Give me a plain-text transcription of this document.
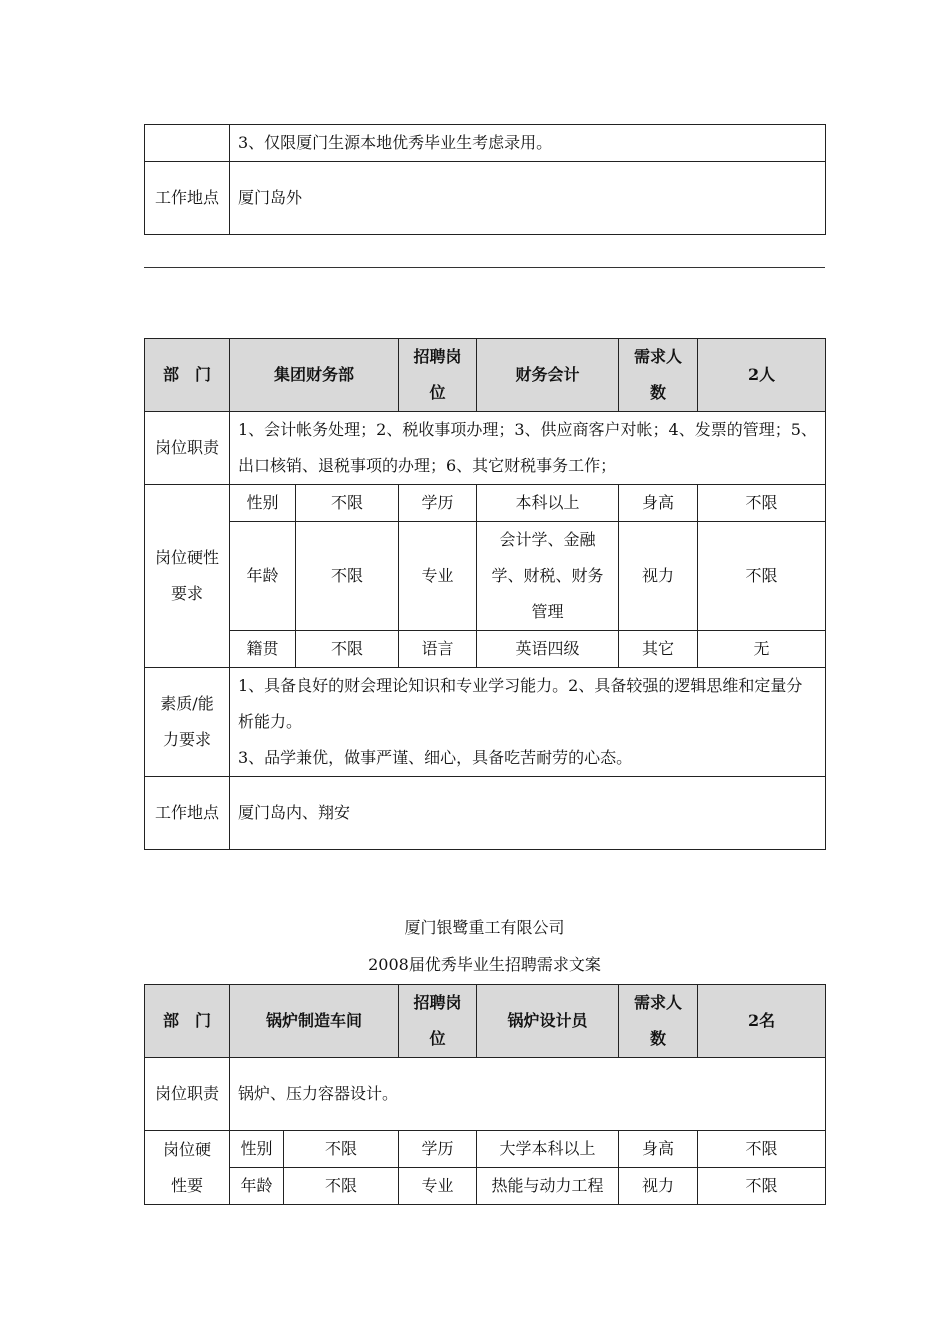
	3、仅限厦门生源本地优秀毕业生考虑录用。

工作地点	厦门岛外
部　门	集团财务部		招聘岗位	财务会计	需求人数	2人

岗位职责	1、会计帐务处理；2、税收事项办理；3、供应商客户对帐；4、发票的管理；5、出口核销、退税事项的办理；6、其它财税事务工作；					

岗位硬性要求	性别	不限	学历	本科以上	身高	不限
	年龄	不限	专业	会计学、金融学、财税、财务管理	视力	不限
	籍贯	不限	语言	英语四级	其它	无

素质/能力要求	1、具备良好的财会理论知识和专业学习能力。2、具备较强的逻辑思维和定量分析能力。
3、品学兼优，做事严谨、细心，具备吃苦耐劳的心态。					

工作地点	厦门岛内、翔安					
厦门银鹭重工有限公司
2008届优秀毕业生招聘需求文案
部　门	锅炉制造车间		招聘岗位	锅炉设计员	需求人数	2名

岗位职责	锅炉、压力容器设计。					

岗位硬性要	性别	不限	学历	大学本科以上	身高	不限
	年龄	不限	专业	热能与动力工程	视力	不限
